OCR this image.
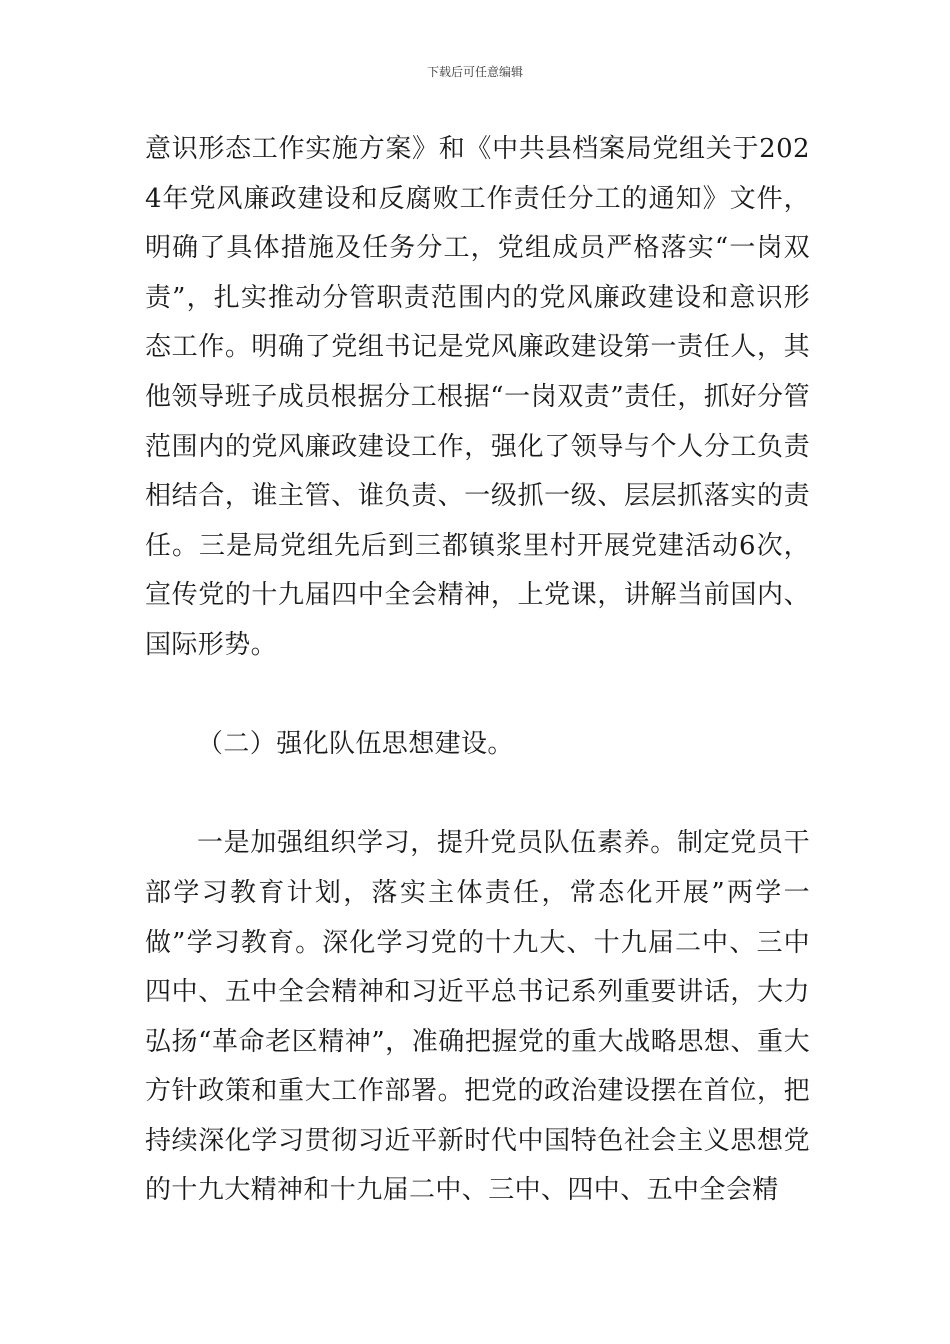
下载后可任意编辑

意识形态工作实施方案》和《中共县档案局党组关于2024年党风廉政建设和反腐败工作责任分工的通知》文件，明确了具体措施及任务分工，党组成员严格落实“一岗双责”，扎实推动分管职责范围内的党风廉政建设和意识形态工作。明确了党组书记是党风廉政建设第一责任人，其他领导班子成员根据分工根据“一岗双责”责任，抓好分管范围内的党风廉政建设工作，强化了领导与个人分工负责相结合，谁主管、谁负责、一级抓一级、层层抓落实的责任。三是局党组先后到三都镇浆里村开展党建活动6次，宣传党的十九届四中全会精神，上党课，讲解当前国内、国际形势。

（二）强化队伍思想建设。

一是加强组织学习，提升党员队伍素养。制定党员干部学习教育计划，落实主体责任，常态化开展”两学一做”学习教育。深化学习党的十九大、十九届二中、三中四中、五中全会精神和习近平总书记系列重要讲话，大力弘扬“革命老区精神”，准确把握党的重大战略思想、重大方针政策和重大工作部署。把党的政治建设摆在首位，把持续深化学习贯彻习近平新时代中国特色社会主义思想党的十九大精神和十九届二中、三中、四中、五中全会精
